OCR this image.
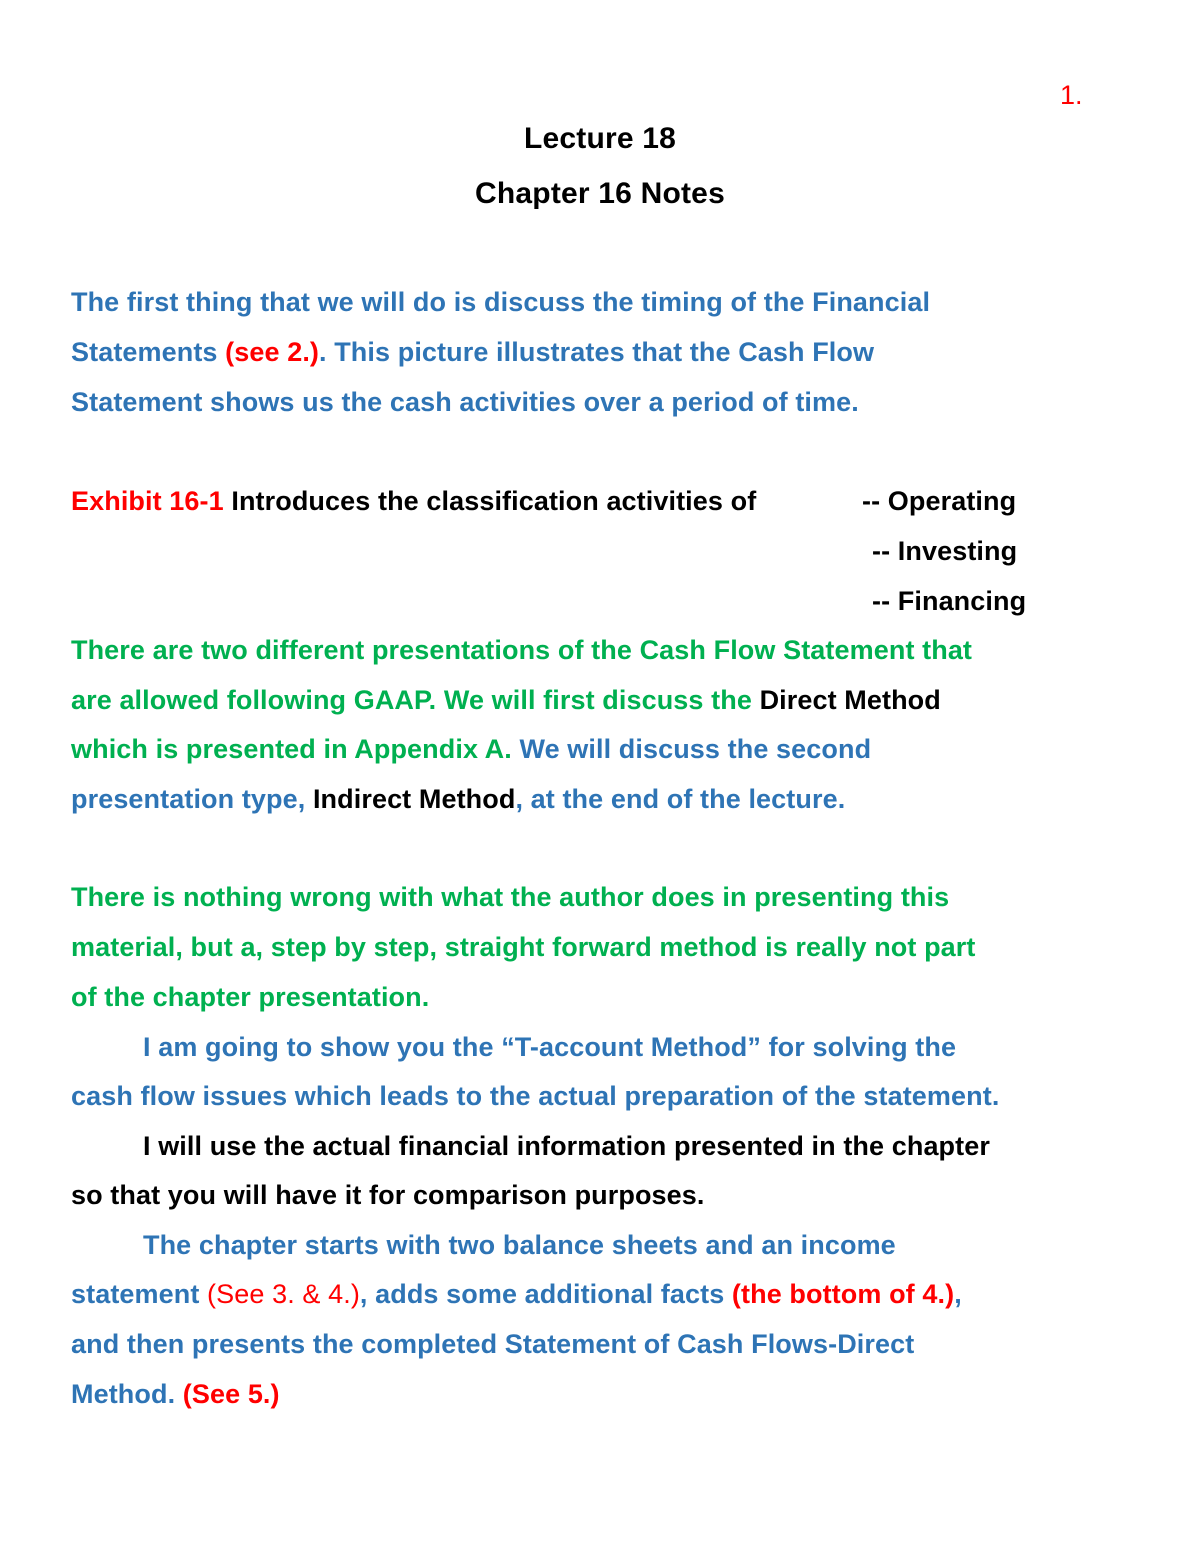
1.
Lecture 18
Chapter 16 Notes
The first thing that we will do is discuss the timing of the Financial
Statements (see 2.). This picture illustrates that the Cash Flow
Statement shows us the cash activities over a period of time.
Exhibit 16-1 Introduces the classification activities of	-- Operating
-- Investing
-- Financing
There are two different presentations of the Cash Flow Statement that
are allowed following GAAP. We will first discuss the Direct Method
which is presented in Appendix A. We will discuss the second
presentation type, Indirect Method, at the end of the lecture.
There is nothing wrong with what the author does in presenting this
material, but a, step by step, straight forward method is really not part
of the chapter presentation.
I am going to show you the “T-account Method” for solving the
cash flow issues which leads to the actual preparation of the statement.
I will use the actual financial information presented in the chapter
so that you will have it for comparison purposes.
The chapter starts with two balance sheets and an income
statement (See 3. & 4.), adds some additional facts (the bottom of 4.),
and then presents the completed Statement of Cash Flows-Direct
Method. (See 5.)
